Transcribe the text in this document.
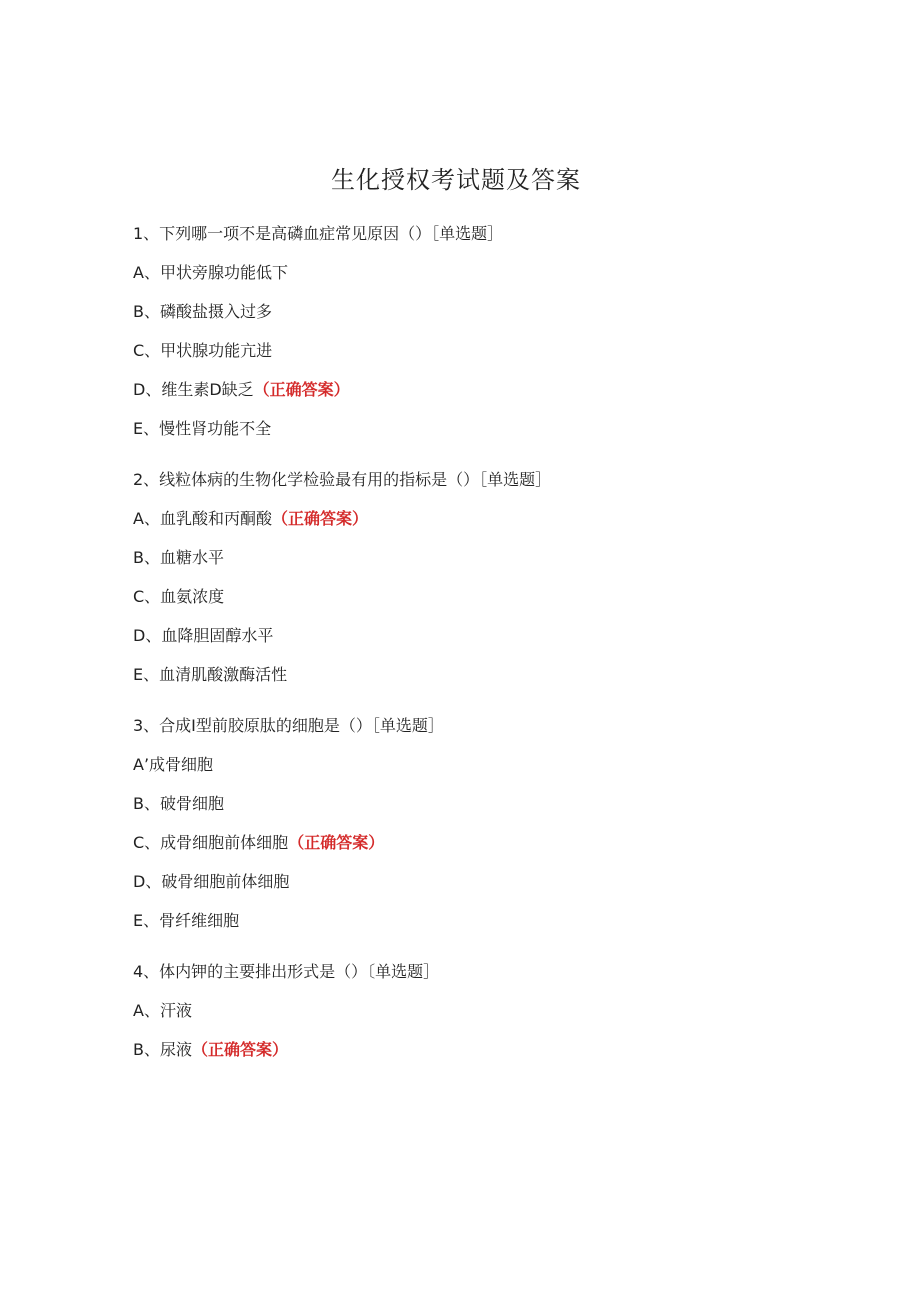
生化授权考试题及答案
1、下列哪一项不是高磷血症常见原因（）［单选题］
A、甲状旁腺功能低下
B、磷酸盐摄入过多
C、甲状腺功能亢进
D、维生素D缺乏（正确答案）
E、慢性肾功能不全
2、线粒体病的生物化学检验最有用的指标是（）［单选题］
A、血乳酸和丙酮酸（正确答案）
B、血糖水平
C、血氨浓度
D、血降胆固醇水平
E、血清肌酸激酶活性
3、合成I型前胶原肽的细胞是（）［单选题］
A’成骨细胞
B、破骨细胞
C、成骨细胞前体细胞（正确答案）
D、破骨细胞前体细胞
E、骨纤维细胞
4、体内钾的主要排出形式是（）〔单选题］
A、汗液
B、尿液（正确答案）
